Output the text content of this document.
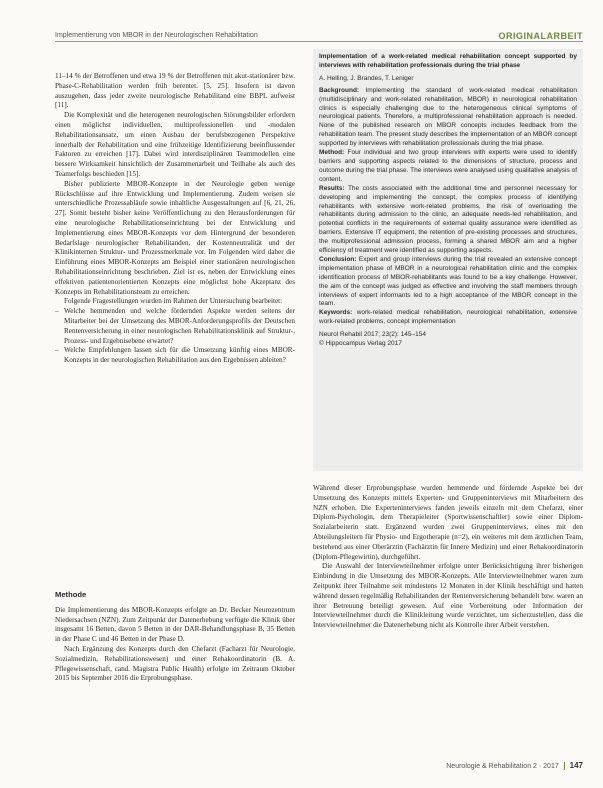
Implementierung von MBOR in der Neurologischen Rehabilitation	ORIGINALARBEIT

11–14 % der Betroffenen und etwa 19 % der Betroffenen mit akut-stationärer bzw. Phase-C-Rehabilitation werden früh berentet. [5, 25]. Insofern ist davon auszugehen, dass jeder zweite neurologische Rehabilitand eine BBPL aufweist [11].

Die Komplexität und die heterogenen neurologischen Störungsbilder erfordern einen möglichst individuellen, multiprofessionellen und -modalen Rehabilitationsansatz, um einen Ausbau der berufsbezogenen Perspektive innerhalb der Rehabilitation und eine frühzeitige Identifizierung beeinflussender Faktoren zu erreichen [17]. Dabei wird interdisziplinären Teammodellen eine bessere Wirksamkeit hinsichtlich der Zusammenarbeit und Teilhabe als auch des Teamerfolgs beschieden [15].

Bisher publizierte MBOR-Konzepte in der Neurologie geben wenige Rückschlüsse auf ihre Entwicklung und Implementierung. Zudem weisen sie unterschiedliche Prozessabläufe sowie inhaltliche Ausgestaltungen auf [6, 21, 26, 27]. Somit besteht bisher keine Veröffentlichung zu den Herausforderungen für eine neurologische Rehabilitationseinrichtung bei der Entwicklung und Implementierung eines MBOR-Konzepts vor dem Hintergrund der besonderen Bedarfslage neurologischer Rehabilitanden, der Kostenneutralität und der Klinikinternen Struktur- und Prozessmerkmale vor. Im Folgenden wird daher die Einführung eines MBOR-Konzepts am Beispiel einer stationären neurologischen Rehabilitationseinrichtung beschrieben. Ziel ist es, neben der Entwicklung eines effektiven patientenorientierten Konzepts eine möglichst hohe Akzeptanz des Konzepts im Rehabilitationsteam zu erreichen.

Folgende Fragestellungen wurden im Rahmen der Untersuchung bearbeitet:

– Welche hemmenden und welche fördernden Aspekte werden seitens der Mitarbeiter bei der Umsetzung des MBOR-Anforderungsprofils der Deutschen Rentenversicherung in einer neurologischen Rehabilitationsklinik auf Struktur-, Prozess- und Ergebnisebene erwartet?
– Welche Empfehlungen lassen sich für die Umsetzung künftig eines MBOR-Konzepts in der neurologischen Rehabilitation aus den Ergebnissen ableiten?
Methode

Die Implementierung des MBOR-Konzepts erfolgte an Dr. Becker Neurozentrum Niedersachsen (NZN). Zum Zeitpunkt der Datenerhebung verfügte die Klinik über insgesamt 16 Betten, davon 5 Betten in der DAR-Behandlungsphase B, 35 Betten in der Phase C und 46 Betten in der Phase D.

Nach Ergänzung des Konzepts durch den Chefarzt (Facharzt für Neurologie, Sozialmedizin, Rehabilitationswesen) und einer Rehakoordinatorin (B. A. Pflegewissenschaft, cand. Magistra Public Health) erfolgte im Zeitraum Oktober 2015 bis September 2016 die Erprobungsphase.

Implementation of a work-related medical rehabilitation concept supported by interviews with rehabilitation professionals during the trial phase
A. Helling, J. Brandes, T. Leniger

Background: Implementing the standard of work-related medical rehabilitation (multidisciplinary and work-related rehabilitation, MBOR) in neurological rehabilitation clinics is especially challenging due to the heterogeneous clinical symptoms of neurological patients. Therefore, a multiprofessional rehabilitation approach is needed. None of the published research on MBOR concepts includes feedback from the rehabilitation team. The present study describes the implementation of an MBOR concept supported by interviews with rehabilitation professionals during the trial phase.

Method: Four individual and two group interviews with experts were used to identify barriers and supporting aspects related to the dimensions of structure, process and outcome during the trial phase. The interviews were analysed using qualitative analysis of content.

Results: The costs associated with the additional time and personnel necessary for developing and implementing the concept, the complex process of identifying rehabilitants with extensive work-related problems, the risk of overloading the rehabilitants during admission to the clinic, an adequate needs-led rehabilitation, and potential conflicts in the requirements of external quality assurance were identified as barriers. Extensive IT equipment, the retention of pre-existing processes and structures, the multiprofessional admission process, forming a shared MBOR aim and a higher efficiency of treatment were identified as supporting aspects.

Conclusion: Expert and group interviews during the trial revealed an extensive concept implementation phase of MBOR in a neurological rehabilitation clinic and the complex identification process of MBOR-rehabilitants was found to be a key challenge. However, the aim of the concept was judged as effective and involving the staff members through interviews of expert informants led to a high acceptance of the MBOR concept in the team.

Keywords: work-related medical rehabilitation, neurological rehabilitation, extensive work-related problems, concept implementation

Neurol Rehabil 2017; 23(2): 145–154
© Hippocampus Verlag 2017

Während dieser Erprobungsphase wurden hemmende und fördernde Aspekte bei der Umsetzung des Konzepts mittels Experten- und Gruppeninterviews mit Mitarbeitern des NZN erhoben. Die Experteninterviews fanden jeweils einzeln mit dem Chefarzt, einer Diplom-Psychologin, dem Therapieleiter (Sportwissenschaftler) sowie einer Diplom-Sozialarbeiterin statt. Ergänzend wurden zwei Gruppeninterviews, eines mit den Abteilungsleitern für Physio- und Ergotherapie (n=2), ein weiteres mit dem ärztlichen Team, bestehend aus einer Oberärztin (Fachärztin für Innere Medizin) und einer Rehakoordinatorin (Diplom-Pflegewirtin), durchgeführt.

Die Auswahl der Interviewteilnehmer erfolgte unter Berücksichtigung ihrer bisherigen Einbindung in die Umsetzung des MBOR-Konzepts. Alle Interviewteilnehmer waren zum Zeitpunkt ihrer Teilnahme seit mindestens 12 Monaten in der Klinik beschäftigt und hatten während dessen regelmäßig Rehabilitanden der Rentenversicherung behandelt bzw. waren an ihrer Betreuung beteiligt gewesen. Auf eine Vorbereitung oder Information der Interviewteilnehmer durch die Klinikleitung wurde verzichtet, um sicherzustellen, dass die Interviewteilnehmer die Datenerhebung nicht als Kontrolle ihrer Arbeit verstehen.

Neurologie & Rehabilitation 2 · 2017 147
